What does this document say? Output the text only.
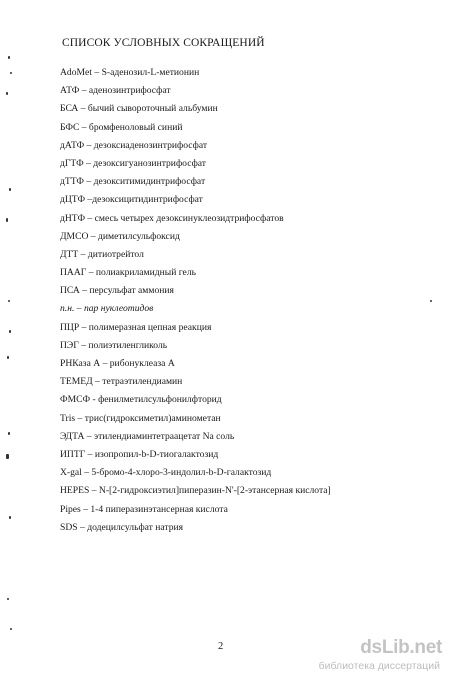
СПИСОК УСЛОВНЫХ СОКРАЩЕНИЙ
AdoMet – S-аденозил-L-метионин
АТФ – аденозинтрифосфат
БСА – бычий сывороточный альбумин
БФС – бромфеноловый синий
дАТФ – дезоксиаденозинтрифосфат
дГТФ – дезоксигуанозинтрифосфат
дТТФ – дезокситимидинтрифосфат
дЦТФ –дезоксицитидинтрифосфат
дНТФ – смесь четырех дезоксинуклеозидтрифосфатов
ДМСО – диметилсульфоксид
ДТТ – дитиотрейтол
ПААГ – полиакриламидный гель
ПСА – персульфат аммония
п.н. – пар нуклеотидов
ПЦР – полимеразная цепная реакция
ПЭГ – полиэтиленгликоль
РНКаза А – рибонуклеаза А
ТЕМЕД – тетраэтилендиамин
ФМСФ - фенилметилсульфонилфторид
Tris – трис(гидроксиметил)аминометан
ЭДТА – этилендиаминтетраацетат Na соль
ИПТГ – изопропил-b-D-тиогалактозид
X-gal – 5-бромо-4-хлоро-3-индолил-b-D-галактозид
HEPES – N-[2-гидроксиэтил]пиперазин-N'-[2-этансерная кислота]
Pipes – 1-4 пиперазинэтансерная кислота
SDS – додецилсульфат натрия
2	dsLib.net
библиотека диссертаций
